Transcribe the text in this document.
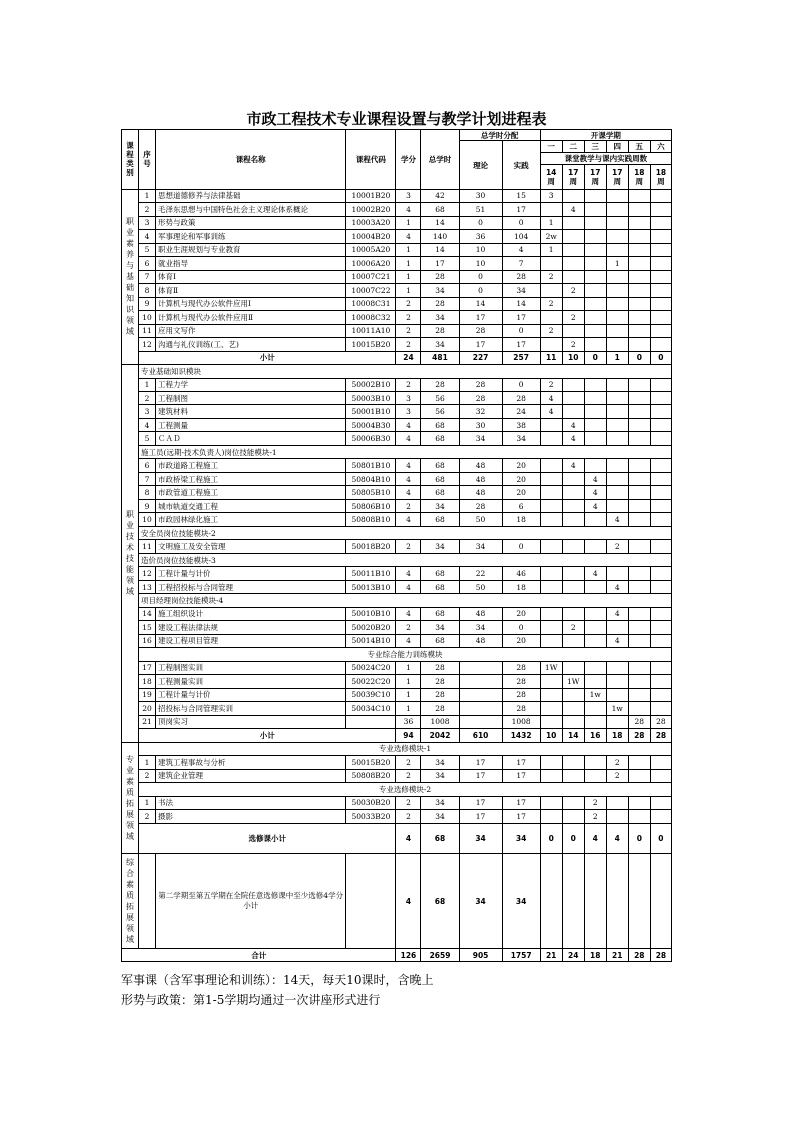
市政工程技术专业课程设置与教学计划进程表
课程类别	序号	课程名称	课程代码	学分	总学时	总学时分配		开课学期					
						理论	实践	一	二	三	四	五	六
								课堂教学与课内实践周数					
								14周	17周	17周	17周	18周	18周
职业素养与基础知识领域	1	思想道德修养与法律基础	10001B20	3	42	30	15	3					
	2	毛泽东思想与中国特色社会主义理论体系概论	10002B20	4	68	51	17		4				
	3	形势与政策	10003A20	1	14	0	0	1					
	4	军事理论和军事训练	10004B20	4	140	36	104	2w					
	5	职业生涯规划与专业教育	10005A20	1	14	10	4	1					
	6	就业指导	10006A20	1	17	10	7				1		
	7	体育Ⅰ	10007C21	1	28	0	28	2					
	8	体育Ⅱ	10007C22	1	34	0	34		2				
	9	计算机与现代办公软件应用Ⅰ	10008C31	2	28	14	14	2					
	10	计算机与现代办公软件应用Ⅱ	10008C32	2	34	17	17		2				
	11	应用文写作	10011A10	2	28	28	0	2					
	12	沟通与礼仪训练(工、艺)	10015B20	2	34	17	17		2				
	小计			24	481	227	257	11	10	0	1	0	0
职业技术技能领域	专业基础知识模块												
	1	工程力学	50002B10	2	28	28	0	2					
	2	工程制图	50003B10	3	56	28	28	4					
	3	建筑材料	50001B10	3	56	32	24	4					
	4	工程测量	50004B30	4	68	30	38		4				
	5	ＣＡＤ	50006B30	4	68	34	34		4				
	施工员(远期-技术负责人)岗位技能模块-1												
	6	市政道路工程施工	50801B10	4	68	48	20		4				
	7	市政桥梁工程施工	50804B10	4	68	48	20			4			
	8	市政管道工程施工	50805B10	4	68	48	20			4			
	9	城市轨道交通工程	50806B10	2	34	28	6			4			
	10	市政园林绿化施工	50808B10	4	68	50	18				4		
	安全员岗位技能模块-2												
	11	文明施工及安全管理	50018B20	2	34	34	0				2		
	造价员岗位技能模块-3												
	12	工程计量与计价	50011B10	4	68	22	46			4			
	13	工程招投标与合同管理	50013B10	4	68	50	18				4		
	项目经理岗位技能模块-4												
	14	施工组织设计	50010B10	4	68	48	20				4		
	15	建设工程法律法规	50020B20	2	34	34	0		2				
	16	建设工程项目管理	50014B10	4	68	48	20				4		
	专业综合能力训练模块												
	17	工程制图实训	50024C20	1	28		28	1W					
	18	工程测量实训	50022C20	1	28		28		1W				
	19	工程计量与计价	50039C10	1	28		28			1w			
	20	招投标与合同管理实训	50034C10	1	28		28				1w		
	21	顶岗实习		36	1008		1008					28	28
	小计			94	2042	610	1432	10	14	16	18	28	28
专业素质拓展领域	专业选修模块-1												
	1	建筑工程事故与分析	50015B20	2	34	17	17				2		
	2	建筑企业管理	50808B20	2	34	17	17				2		
	专业选修模块-2												
	1	书法	50030B20	2	34	17	17			2			
	2	摄影	50033B20	2	34	17	17			2			
	选修课小计			4	68	34	34	0	0	4	4	0	0
综合素质拓展领域		第二学期至第五学期在全院任意选修课中至少选修4学分小计		4	68	34	34						
合计				126	2659	905	1757	21	24	18	21	28	28
军事课（含军事理论和训练）：14天，每天10课时，含晚上
形势与政策：第1-5学期均通过一次讲座形式进行
